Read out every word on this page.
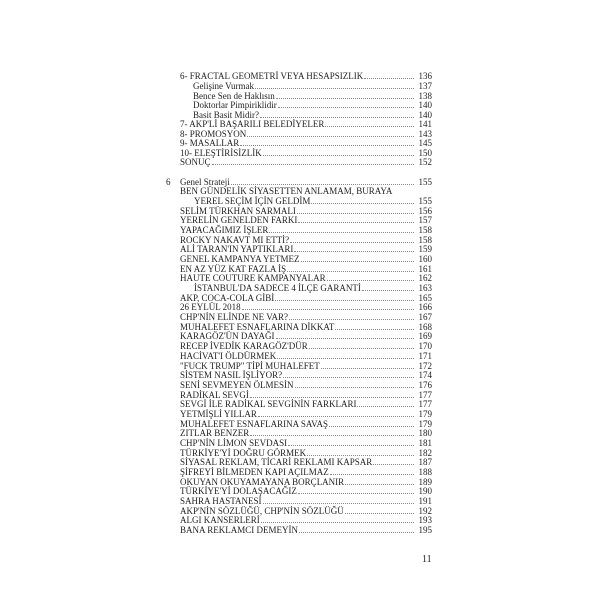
6- FRACTAL GEOMETRİ VEYA HESAPSIZLIK	136
Gelişine Vurmak	137
Bence Sen de Haklısın	138
Doktorlar Pimpiriklidir	140
Basit Basit Midir?	140
7- AKP'Lİ BAŞARILI BELEDİYELER	141
8- PROMOSYON	143
9- MASALLAR	145
10- ELEŞTİRİSİZLİK	150
SONUÇ	152
6 Genel Strateji	155
BEN GÜNDELİK SİYASETTEN ANLAMAM, BURAYA
YEREL SEÇİM İÇİN GELDİM	155
SELİM TÜRKHAN SARMALI	156
YERELİN GENELDEN FARKI	157
YAPACAĞIMIZ İŞLER	158
ROCKY NAKAVT MI ETTİ?	158
ALİ TARAN'IN YAPTIKLARI	159
GENEL KAMPANYA YETMEZ	160
EN AZ YÜZ KAT FAZLA İŞ	161
HAUTE COUTURE KAMPANYALAR	162
İSTANBUL'DA SADECE 4 İLÇE GARANTİ	163
AKP, COCA-COLA GİBİ	165
26 EYLÜL 2018	166
CHP'NİN ELİNDE NE VAR?	167
MUHALEFET ESNAFLARINA DİKKAT	168
KARAGÖZ'ÜN DAYAĞI	169
RECEP İVEDİK KARAGÖZ'DÜR	170
HACİVAT'I ÖLDÜRMEK	171
"FUCK TRUMP" TİPİ MUHALEFET	172
SİSTEM NASIL İŞLİYOR?	174
SENİ SEVMEYEN ÖLMESİN	176
RADİKAL SEVGİ	177
SEVGİ İLE RADİKAL SEVGİNİN FARKLARI	177
YETMİŞLİ YILLAR	179
MUHALEFET ESNAFLARINA SAVAŞ	179
ZITLAR BENZER	180
CHP'NİN LİMON SEVDASI	181
TÜRKİYE'Yİ DOĞRU GÖRMEK	182
SİYASAL REKLAM, TİCARİ REKLAMI KAPSAR	187
ŞİFREYİ BİLMEDEN KAPI AÇILMAZ	188
OKUYAN OKUYAMAYANA BORÇLANIR	189
TÜRKİYE'Yİ DOLAŞACAĞIZ	190
SAHRA HASTANESİ	191
AKP'NİN SÖZLÜĞÜ, CHP'NİN SÖZLÜĞÜ	192
ALGI KANSERLERİ	193
BANA REKLAMCI DEMEYİN	195
11
